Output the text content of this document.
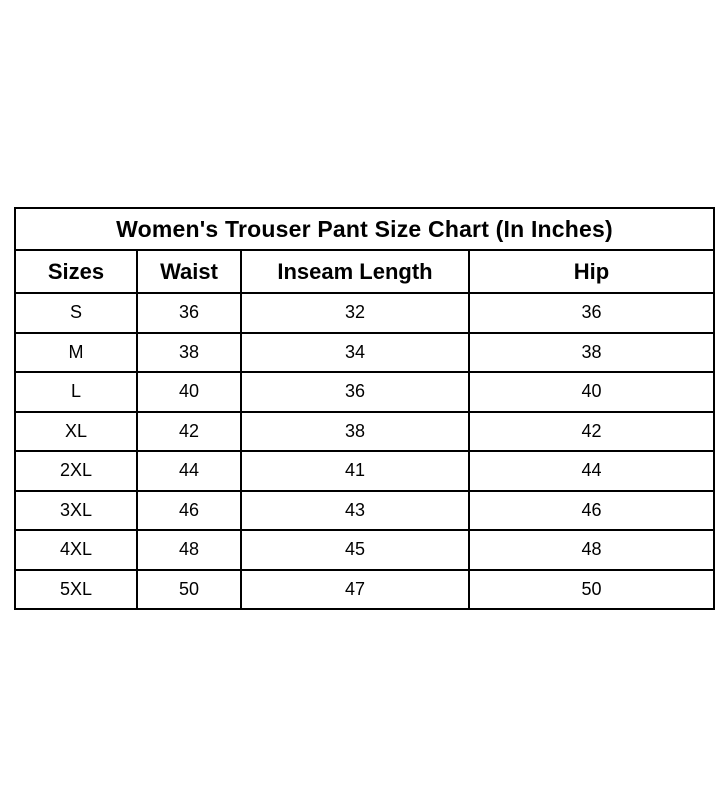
Women's Trouser Pant Size Chart (In Inches)			
Sizes	Waist	Inseam Length	Hip
S	36	32	36
M	38	34	38
L	40	36	40
XL	42	38	42
2XL	44	41	44
3XL	46	43	46
4XL	48	45	48
5XL	50	47	50
